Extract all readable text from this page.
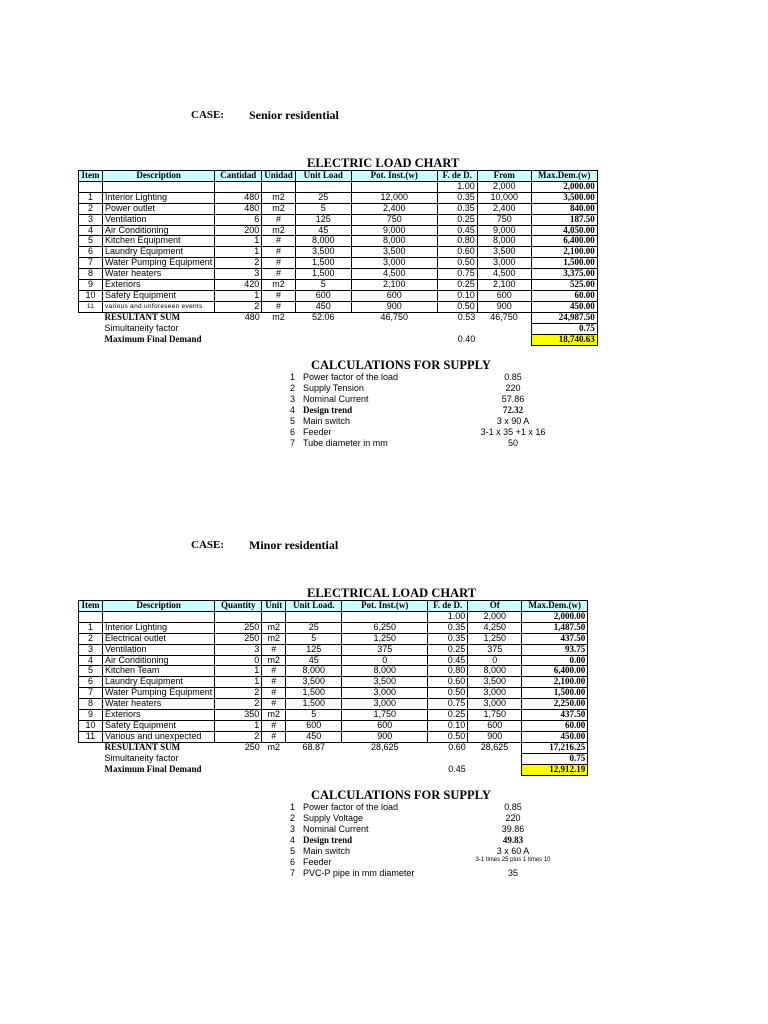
CASE: Senior residential
ELECTRIC LOAD CHART
Item	Description	Cantidad	Unidad	Unit Load	Pot. Inst.(w)	F. de D.	From	Max.Dem.(w)
						1.00	2,000	2,000.00
1	Interior Lighting	480	m2	25	12,000	0.35	10,000	3,500.00
2	Power outlet	480	m2	5	2,400	0.35	2,400	840.00
3	Ventilation	6	#	125	750	0.25	750	187.50
4	Air Conditioning	200	m2	45	9,000	0.45	9,000	4,050.00
5	Kitchen Equipment	1	#	8,000	8,000	0.80	8,000	6,400.00
6	Laundry Equipment	1	#	3,500	3,500	0.60	3,500	2,100.00
7	Water Pumping Equipment	2	#	1,500	3,000	0.50	3,000	1,500.00
8	Water heaters	3	#	1,500	4,500	0.75	4,500	3,375.00
9	Exteriors	420	m2	5	2,100	0.25	2,100	525.00
10	Safety Equipment	1	#	600	600	0.10	600	60.00
11	various and unforeseen events	2	#	450	900	0.50	900	450.00
	RESULTANT SUM	480	m2	52.06	46,750	0.53	46,750	24,987.50
	Simultaneity factor							0.75
	Maximum Final Demand					0.40		18,740.63
CALCULATIONS FOR SUPPLY
1 Power factor of the load	0.85
2 Supply Tension	220
3 Nominal Current	57.86
4 Design trend	72.32
5 Main switch	3 x 90 A
6 Feeder	3-1 x 35 +1 x 16
7 Tube diameter in mm	50
CASE: Minor residential
ELECTRICAL LOAD CHART
Item	Description	Quantity	Unit	Unit Load.	Pot. Inst.(w)	F. de D.	Of	Max.Dem.(w)
						1.00	2,000	2,000.00
1	Interior Lighting	250	m2	25	6,250	0.35	4,250	1,487.50
2	Electrical outlet	250	m2	5	1,250	0.35	1,250	437.50
3	Ventilation	3	#	125	375	0.25	375	93.75
4	Air Conditioning	0	m2	45	0	0.45	0	0.00
5	Kitchen Team	1	#	8,000	8,000	0.80	8,000	6,400.00
6	Laundry Equipment	1	#	3,500	3,500	0.60	3,500	2,100.00
7	Water Pumping Equipment	2	#	1,500	3,000	0.50	3,000	1,500.00
8	Water heaters	2	#	1,500	3,000	0.75	3,000	2,250.00
9	Exteriors	350	m2	5	1,750	0.25	1,750	437.50
10	Safety Equipment	1	#	600	600	0.10	600	60.00
11	Various and unexpected	2	#	450	900	0.50	900	450.00
	RESULTANT SUM	250	m2	68.87	28,625	0.60	28,625	17,216.25
	Simultaneity factor							0.75
	Maximum Final Demand					0.45		12,912.19
CALCULATIONS FOR SUPPLY
1 Power factor of the load	0.85
2 Supply Voltage	220
3 Nominal Current	39.86
4 Design trend	49.83
5 Main switch	3 x 60 A
6 Feeder	3-1 times 25 plus 1 times 10
7 PVC-P pipe in mm diameter	35
